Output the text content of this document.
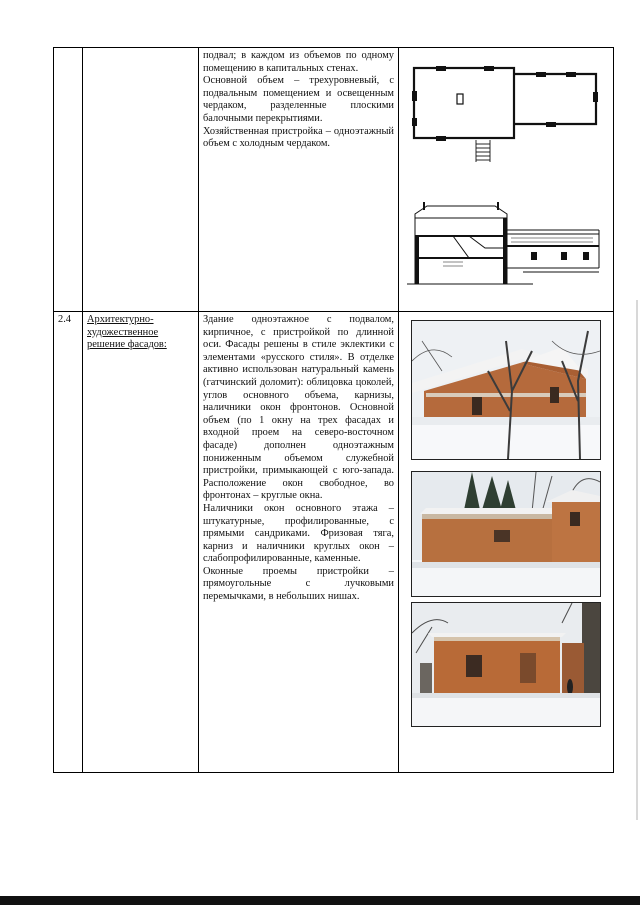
		подвал; в каждом из объемов по одному помещению в капитальных стенах.

Основной объем – трехуровневый, с подвальным помещением и освещенным чердаком, разделенные плоскими балочными перекрытиями.

Хозяйственная пристройка – одноэтажный объем с холодным чердаком.

2.4	Архитектурно-художественное решение фасадов:	Здание одноэтажное с подвалом, кирпичное, с пристройкой по длинной оси. Фасады решены в стиле эклектики с элементами «русского стиля». В отделке активно использован натуральный камень (гатчинский доломит): облицовка цоколей, углов основного объема, карнизы, наличники окон фронтонов. Основной объем (по 1 окну на трех фасадах и входной проем на северо-восточном фасаде) дополнен одноэтажным пониженным объемом служебной пристройки, примыкающей с юго-запада. Расположение окон свободное, во фронтонах – круглые окна.

Наличники окон основного этажа – штукатурные, профилированные, с прямыми сандриками. Фризовая тяга, карниз и наличники круглых окон – слабопрофилированные, каменные.

Оконные проемы пристройки – прямоугольные с лучковыми перемычками, в небольших нишах.
